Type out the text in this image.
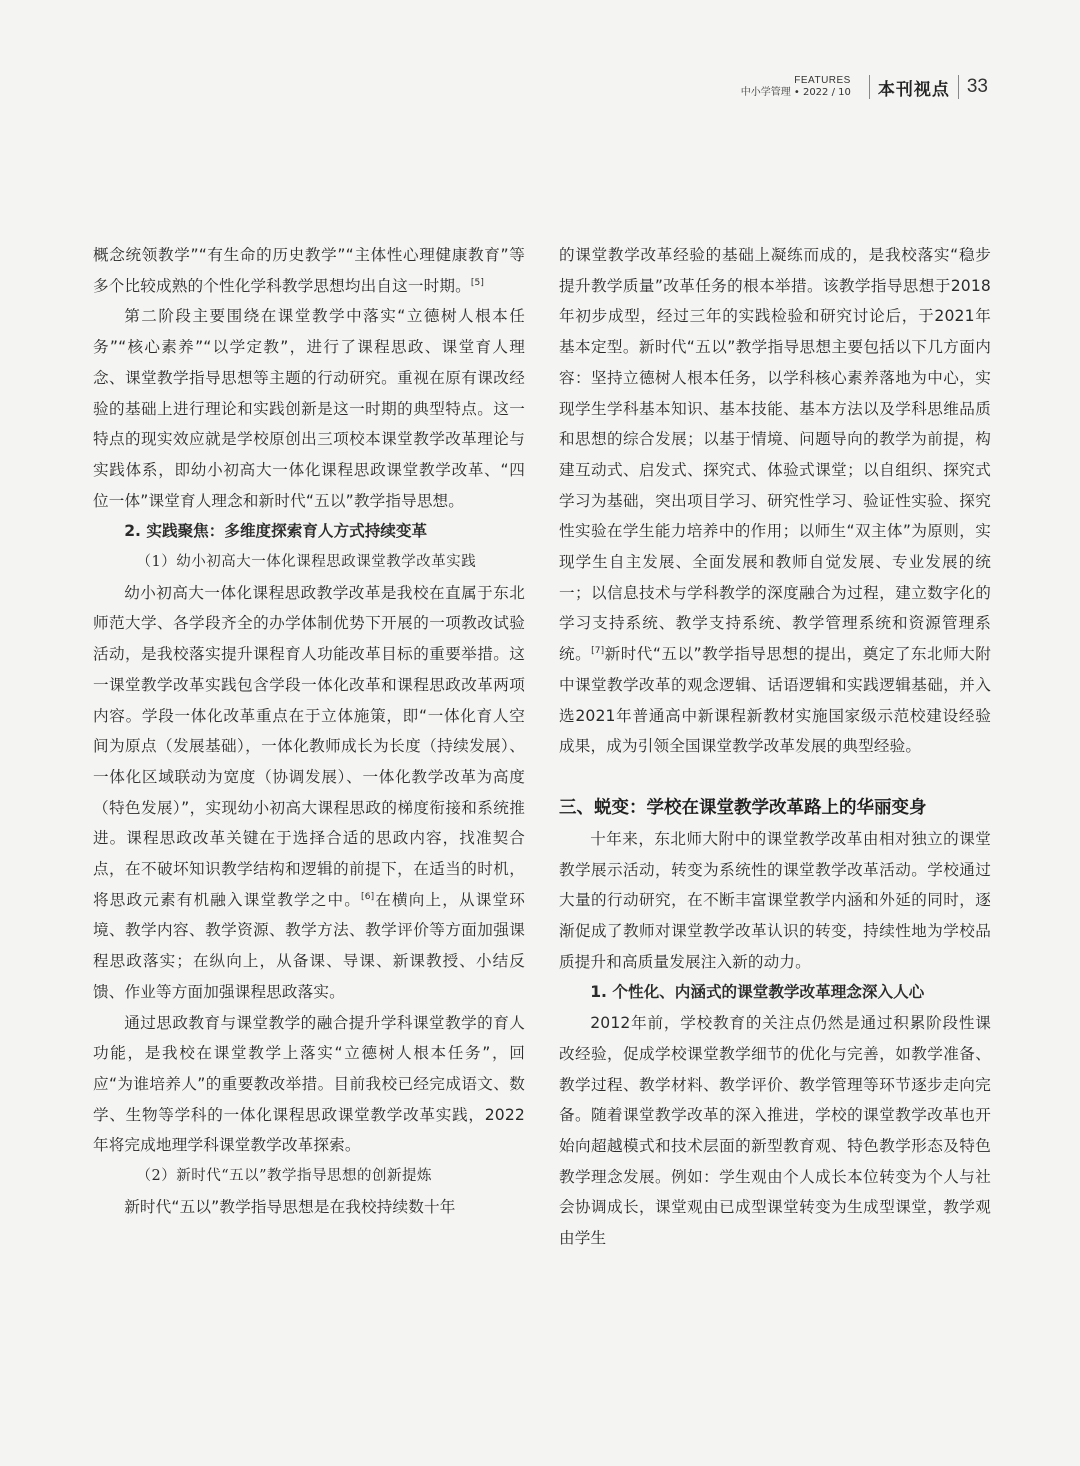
FEATURES
中小学管理 • 2022 / 10 本刊视点 33

概念统领教学”“有生命的历史教学”“主体性心理健康教育”等多个比较成熟的个性化学科教学思想均出自这一时期。[5]

第二阶段主要围绕在课堂教学中落实“立德树人根本任务”“核心素养”“以学定教”，进行了课程思政、课堂育人理念、课堂教学指导思想等主题的行动研究。重视在原有课改经验的基础上进行理论和实践创新是这一时期的典型特点。这一特点的现实效应就是学校原创出三项校本课堂教学改革理论与实践体系，即幼小初高大一体化课程思政课堂教学改革、“四位一体”课堂育人理念和新时代“五以”教学指导思想。

2. 实践聚焦：多维度探索育人方式持续变革

（1）幼小初高大一体化课程思政课堂教学改革实践

幼小初高大一体化课程思政教学改革是我校在直属于东北师范大学、各学段齐全的办学体制优势下开展的一项教改试验活动，是我校落实提升课程育人功能改革目标的重要举措。这一课堂教学改革实践包含学段一体化改革和课程思政改革两项内容。学段一体化改革重点在于立体施策，即“一体化育人空间为原点（发展基础），一体化教师成长为长度（持续发展）、一体化区域联动为宽度（协调发展）、一体化教学改革为高度（特色发展）”，实现幼小初高大课程思政的梯度衔接和系统推进。课程思政改革关键在于选择合适的思政内容，找准契合点，在不破坏知识教学结构和逻辑的前提下，在适当的时机，将思政元素有机融入课堂教学之中。[6]在横向上，从课堂环境、教学内容、教学资源、教学方法、教学评价等方面加强课程思政落实；在纵向上，从备课、导课、新课教授、小结反馈、作业等方面加强课程思政落实。

通过思政教育与课堂教学的融合提升学科课堂教学的育人功能，是我校在课堂教学上落实“立德树人根本任务”，回应“为谁培养人”的重要教改举措。目前我校已经完成语文、数学、生物等学科的一体化课程思政课堂教学改革实践，2022年将完成地理学科课堂教学改革探索。

（2）新时代“五以”教学指导思想的创新提炼

新时代“五以”教学指导思想是在我校持续数十年

的课堂教学改革经验的基础上凝练而成的，是我校落实“稳步提升教学质量”改革任务的根本举措。该教学指导思想于2018年初步成型，经过三年的实践检验和研究讨论后，于2021年基本定型。新时代“五以”教学指导思想主要包括以下几方面内容：坚持立德树人根本任务，以学科核心素养落地为中心，实现学生学科基本知识、基本技能、基本方法以及学科思维品质和思想的综合发展；以基于情境、问题导向的教学为前提，构建互动式、启发式、探究式、体验式课堂；以自组织、探究式学习为基础，突出项目学习、研究性学习、验证性实验、探究性实验在学生能力培养中的作用；以师生“双主体”为原则，实现学生自主发展、全面发展和教师自觉发展、专业发展的统一；以信息技术与学科教学的深度融合为过程，建立数字化的学习支持系统、教学支持系统、教学管理系统和资源管理系统。[7]新时代“五以”教学指导思想的提出，奠定了东北师大附中课堂教学改革的观念逻辑、话语逻辑和实践逻辑基础，并入选2021年普通高中新课程新教材实施国家级示范校建设经验成果，成为引领全国课堂教学改革发展的典型经验。

三、蜕变：学校在课堂教学改革路上的华丽变身

十年来，东北师大附中的课堂教学改革由相对独立的课堂教学展示活动，转变为系统性的课堂教学改革活动。学校通过大量的行动研究，在不断丰富课堂教学内涵和外延的同时，逐渐促成了教师对课堂教学改革认识的转变，持续性地为学校品质提升和高质量发展注入新的动力。

1. 个性化、内涵式的课堂教学改革理念深入人心

2012年前，学校教育的关注点仍然是通过积累阶段性课改经验，促成学校课堂教学细节的优化与完善，如教学准备、教学过程、教学材料、教学评价、教学管理等环节逐步走向完备。随着课堂教学改革的深入推进，学校的课堂教学改革也开始向超越模式和技术层面的新型教育观、特色教学形态及特色教学理念发展。例如：学生观由个人成长本位转变为个人与社会协调成长，课堂观由已成型课堂转变为生成型课堂，教学观由学生
